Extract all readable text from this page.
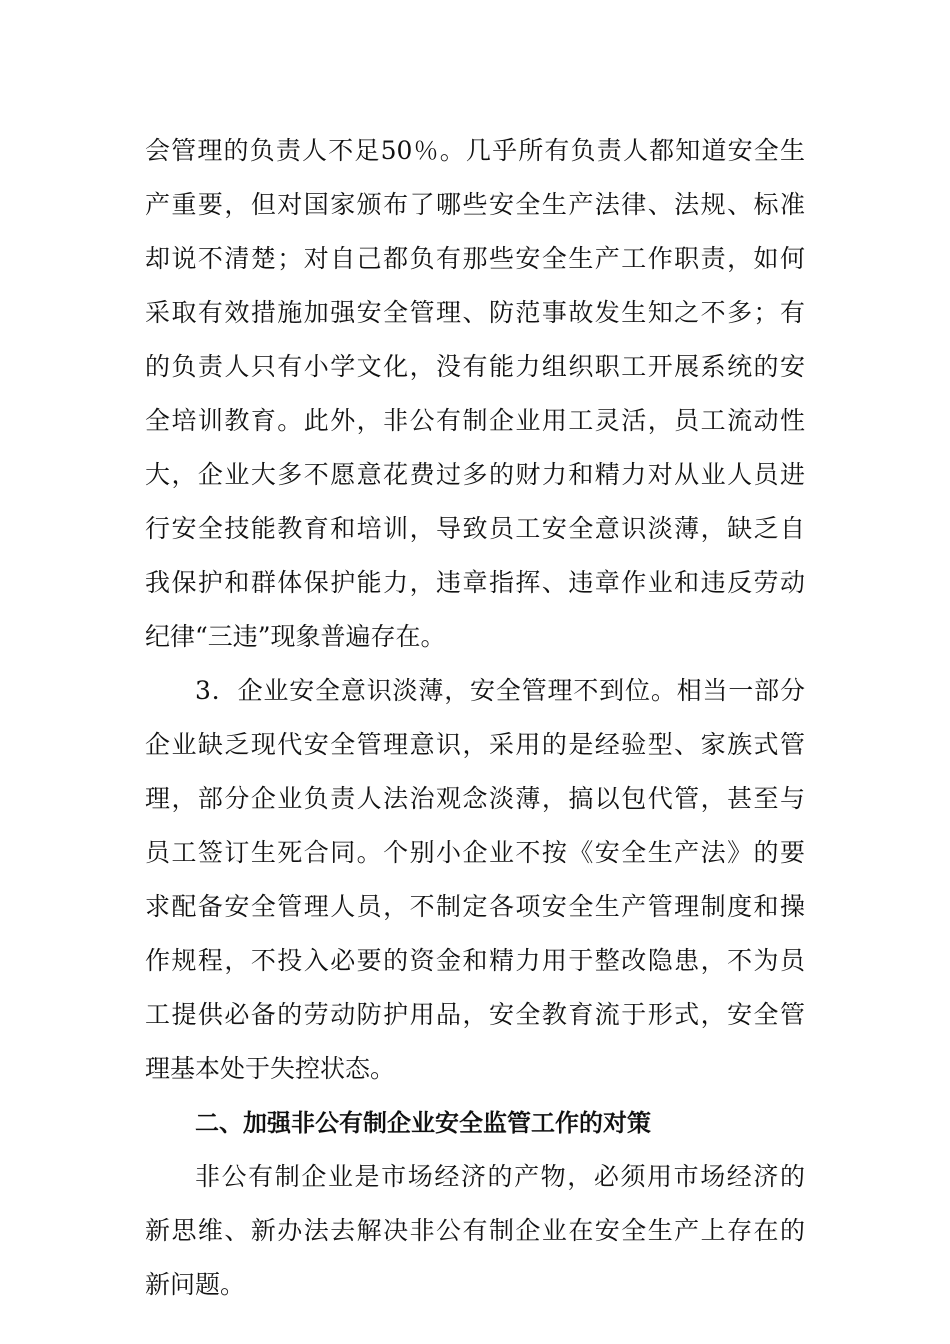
会管理的负责人不足50％。几乎所有负责人都知道安全生
产重要，但对国家颁布了哪些安全生产法律、法规、标准
却说不清楚；对自己都负有那些安全生产工作职责，如何
采取有效措施加强安全管理、防范事故发生知之不多；有
的负责人只有小学文化，没有能力组织职工开展系统的安
全培训教育。此外，非公有制企业用工灵活，员工流动性
大，企业大多不愿意花费过多的财力和精力对从业人员进
行安全技能教育和培训，导致员工安全意识淡薄，缺乏自
我保护和群体保护能力，违章指挥、违章作业和违反劳动
纪律“三违”现象普遍存在。
3．企业安全意识淡薄，安全管理不到位。相当一部分
企业缺乏现代安全管理意识，采用的是经验型、家族式管
理，部分企业负责人法治观念淡薄，搞以包代管，甚至与
员工签订生死合同。个别小企业不按《安全生产法》的要
求配备安全管理人员，不制定各项安全生产管理制度和操
作规程，不投入必要的资金和精力用于整改隐患，不为员
工提供必备的劳动防护用品，安全教育流于形式，安全管
理基本处于失控状态。
二、加强非公有制企业安全监管工作的对策
非公有制企业是市场经济的产物，必须用市场经济的
新思维、新办法去解决非公有制企业在安全生产上存在的
新问题。
